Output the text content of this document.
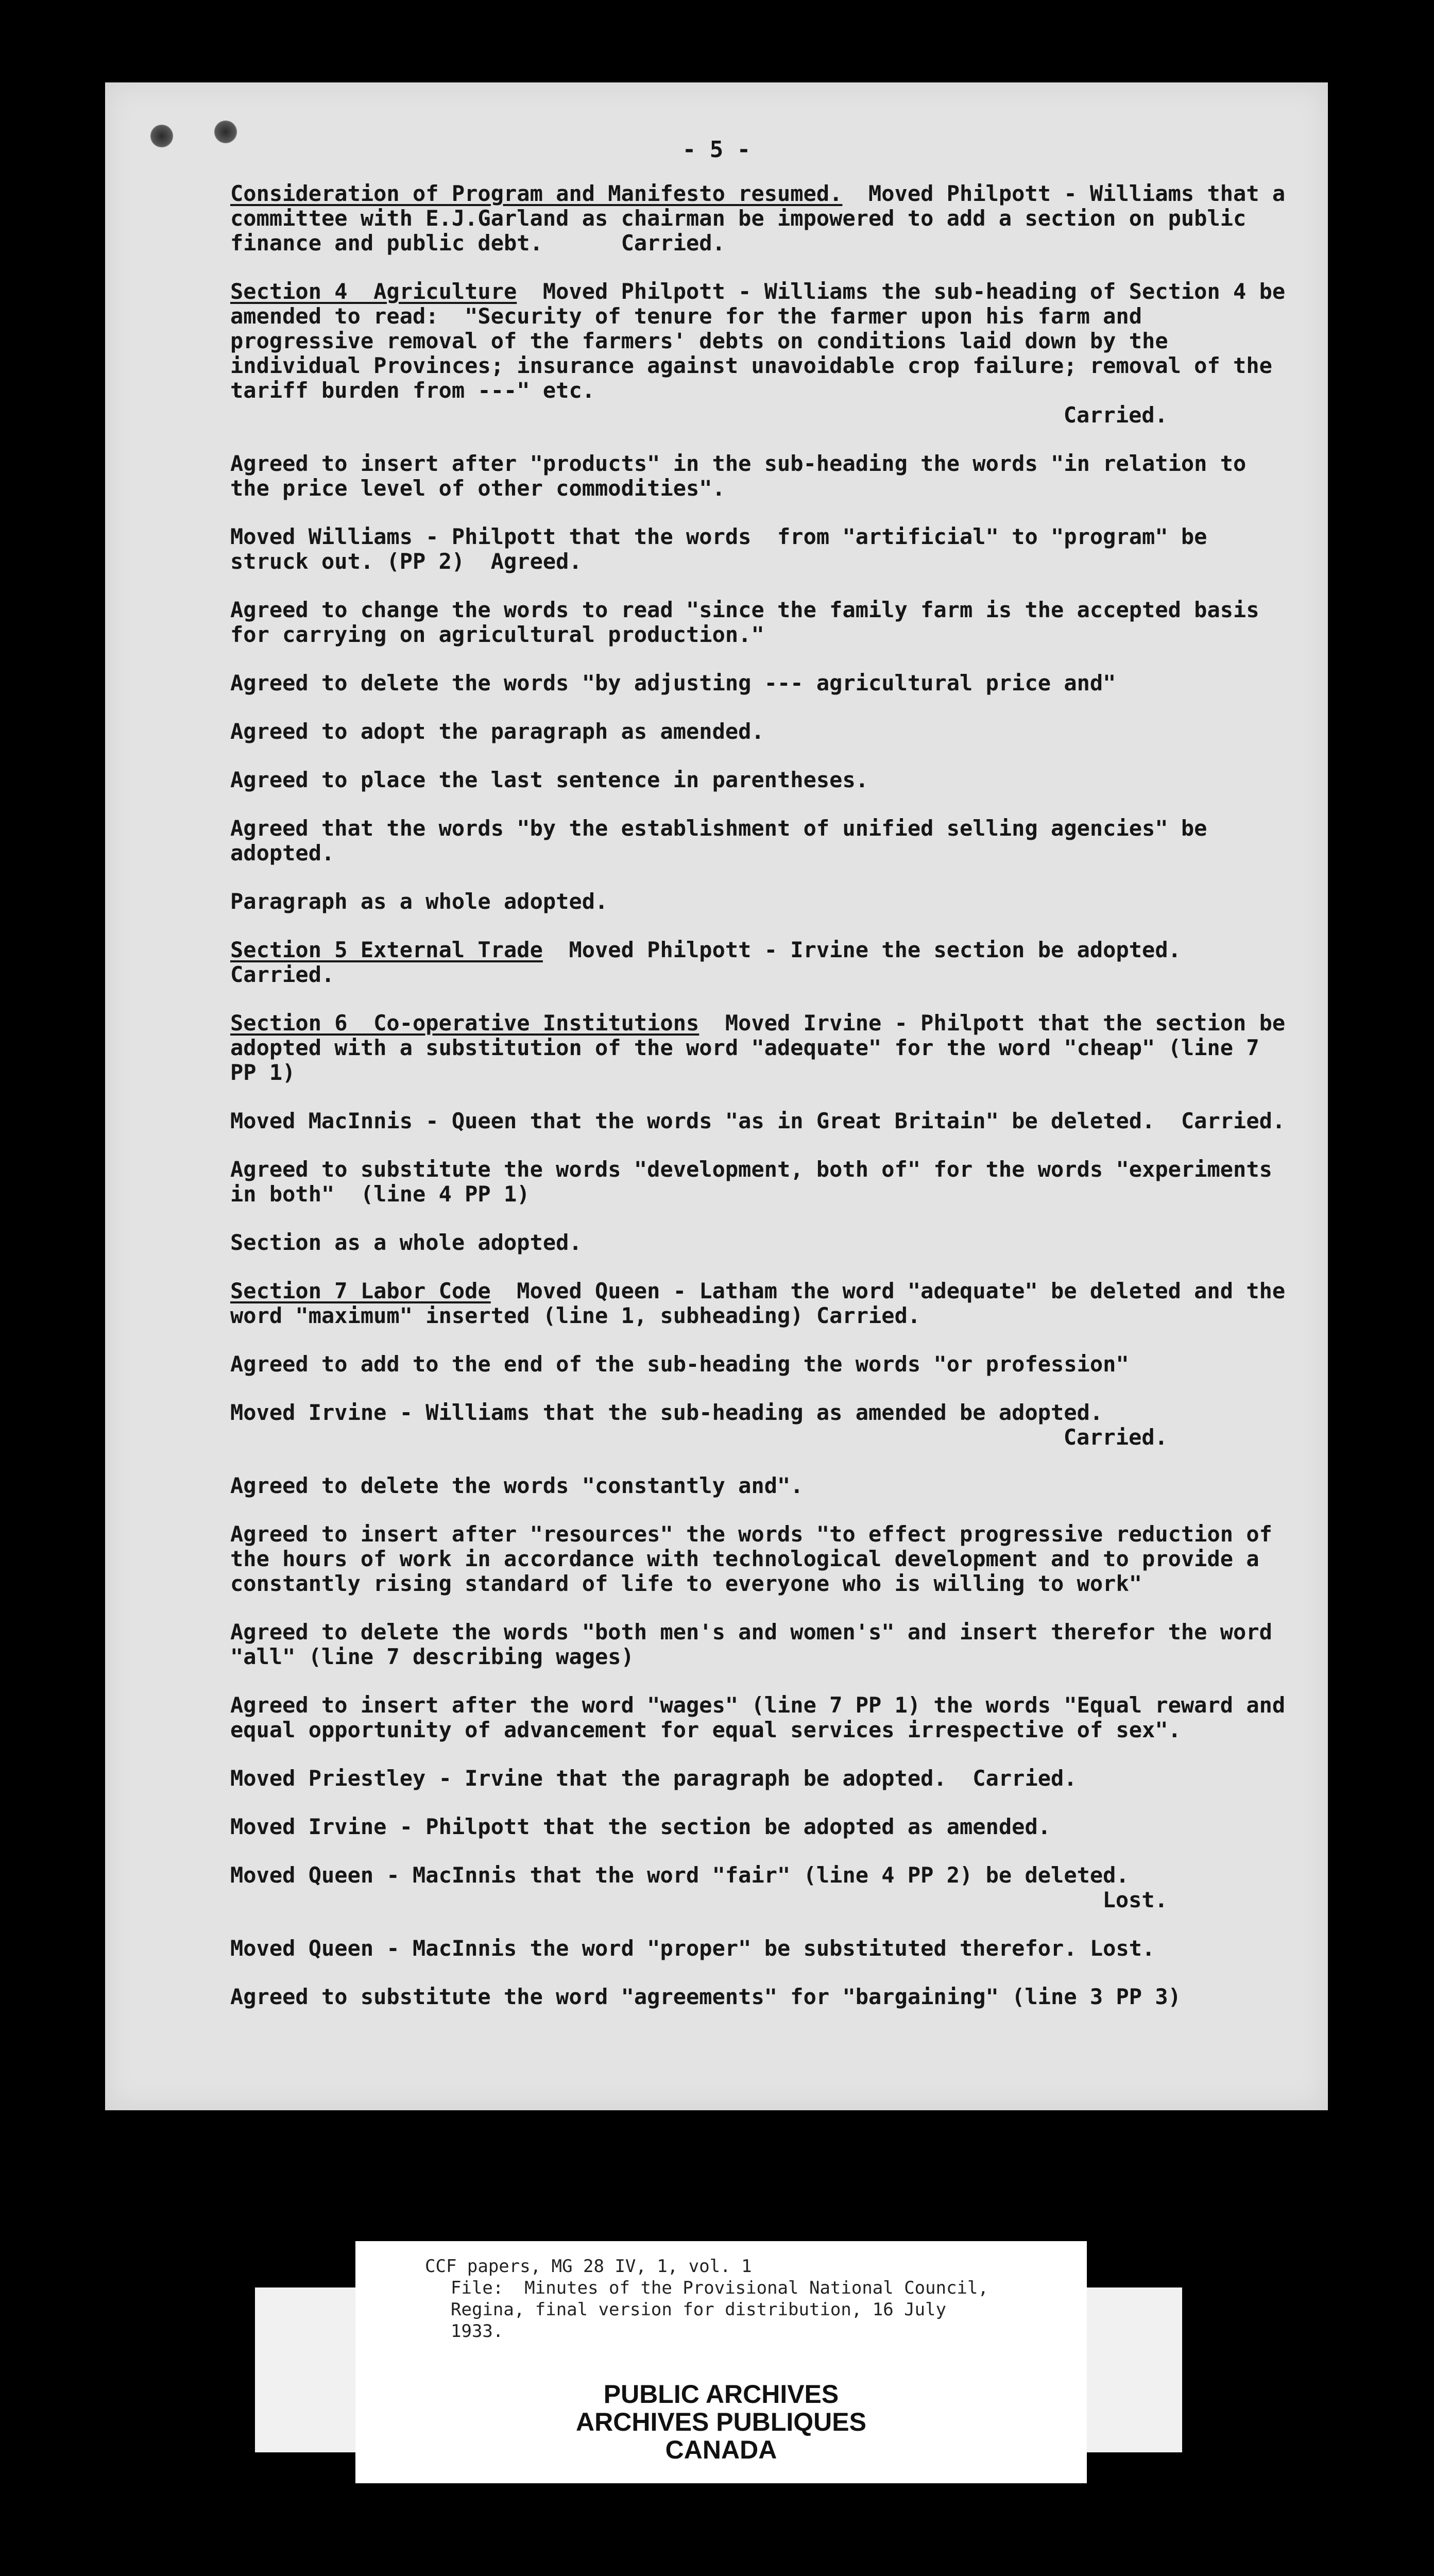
- 5 -
Consideration of Program and Manifesto resumed.  Moved Philpott - Williams that a committee with E.J.Garland as chairman be impowered to add a section on public finance and public debt.      Carried.
Section 4  Agriculture  Moved Philpott - Williams the sub-heading of Section 4 be amended to read:  "Security of tenure for the farmer upon his farm and progressive removal of the farmers' debts on conditions laid down by the individual Provinces; insurance against unavoidable crop failure; removal of the tariff burden from ---" etc.
Carried.
Agreed to insert after "products" in the sub-heading the words "in relation to the price level of other commodities".
Moved Williams - Philpott that the words  from "artificial" to "program" be struck out. (PP 2)  Agreed.
Agreed to change the words to read "since the family farm is the accepted basis for carrying on agricultural production."
Agreed to delete the words "by adjusting --- agricultural price and"
Agreed to adopt the paragraph as amended.
Agreed to place the last sentence in parentheses.
Agreed that the words "by the establishment of unified selling agencies" be adopted.
Paragraph as a whole adopted.
Section 5 External Trade  Moved Philpott - Irvine the section be adopted.   Carried.
Section 6  Co-operative Institutions  Moved Irvine - Philpott that the section be adopted with a substitution of the word "adequate" for the word "cheap" (line 7 PP 1)
Moved MacInnis - Queen that the words "as in Great Britain" be deleted.  Carried.
Agreed to substitute the words "development, both of" for the words "experiments in both"  (line 4 PP 1)
Section as a whole adopted.
Section 7 Labor Code  Moved Queen - Latham the word "adequate" be deleted and the word "maximum" inserted (line 1, subheading) Carried.
Agreed to add to the end of the sub-heading the words "or profession"
Moved Irvine - Williams that the sub-heading as amended be adopted.
Carried.
Agreed to delete the words "constantly and".
Agreed to insert after "resources" the words "to effect progressive reduction of the hours of work in accordance with technological development and to provide a constantly rising standard of life to everyone who is willing to work"
Agreed to delete the words "both men's and women's" and insert therefor the word "all" (line 7 describing wages)
Agreed to insert after the word "wages" (line 7 PP 1) the words "Equal reward and equal opportunity of advancement for equal services irrespective of sex".
Moved Priestley - Irvine that the paragraph be adopted.  Carried.
Moved Irvine - Philpott that the section be adopted as amended.
Moved Queen - MacInnis that the word "fair" (line 4 PP 2) be deleted.
Lost.
Moved Queen - MacInnis the word "proper" be substituted therefor. Lost.
Agreed to substitute the word "agreements" for "bargaining" (line 3 PP 3)
CCF papers, MG 28 IV, 1, vol. 1
File:  Minutes of the Provisional National Council,
Regina, final version for distribution, 16 July
1933.
PUBLIC ARCHIVES
ARCHIVES PUBLIQUES
CANADA
